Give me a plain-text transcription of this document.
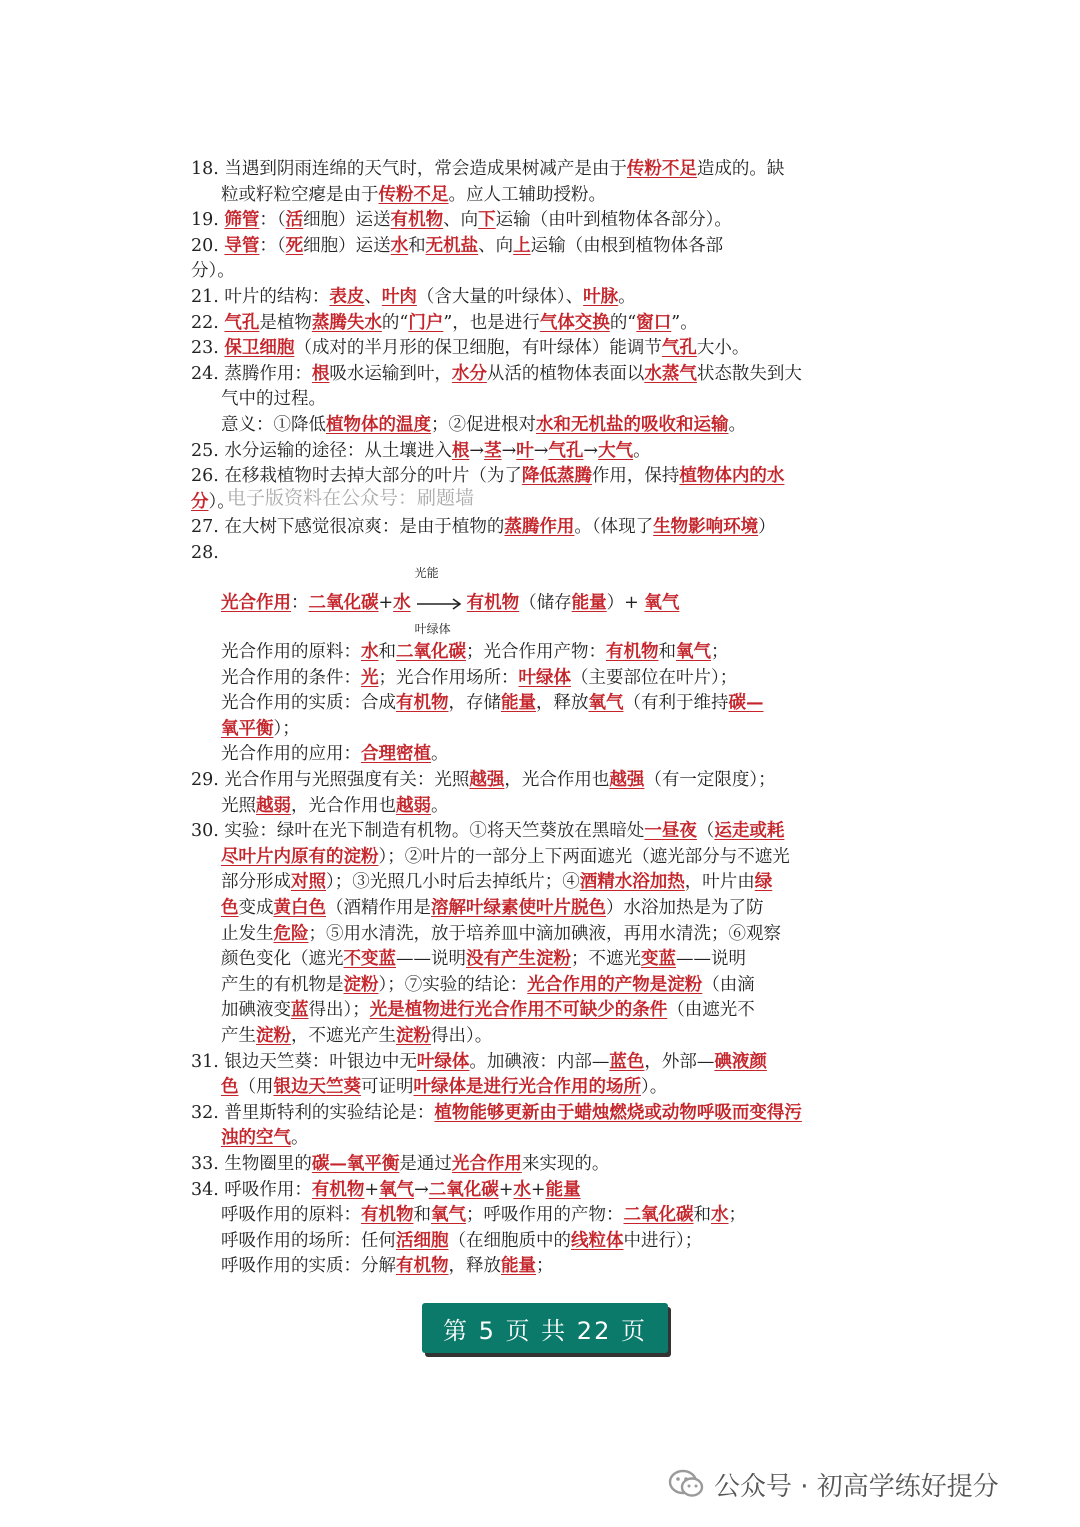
18. 当遇到阴雨连绵的天气时，常会造成果树减产是由于传粉不足造成的。缺
粒或籽粒空瘪是由于传粉不足。应人工辅助授粉。
19. 筛管：（活细胞）运送有机物、向下运输（由叶到植物体各部分）。
20. 导管：（死细胞）运送水和无机盐、向上运输（由根到植物体各部
分）。
21. 叶片的结构：表皮、叶肉（含大量的叶绿体）、叶脉。
22. 气孔是植物蒸腾失水的“门户”，也是进行气体交换的“窗口”。
23. 保卫细胞（成对的半月形的保卫细胞，有叶绿体）能调节气孔大小。
24. 蒸腾作用：根吸水运输到叶，水分从活的植物体表面以水蒸气状态散失到大
气中的过程。
意义：①降低植物体的温度；②促进根对水和无机盐的吸收和运输。
25. 水分运输的途径：从土壤进入根→茎→叶→气孔→大气。
26. 在移栽植物时去掉大部分的叶片（为了降低蒸腾作用，保持植物体内的水
分）。
27. 在大树下感觉很凉爽：是由于植物的蒸腾作用。（体现了生物影响环境）
28.
光合作用：二氧化碳+水
光能
叶绿体
有机物（储存能量）+ 氧气
光合作用的原料：水和二氧化碳；光合作用产物：有机物和氧气；
光合作用的条件：光；光合作用场所：叶绿体（主要部位在叶片）；
光合作用的实质：合成有机物，存储能量，释放氧气（有利于维持碳—
氧平衡）；
光合作用的应用：合理密植。
29. 光合作用与光照强度有关：光照越强，光合作用也越强（有一定限度）；
光照越弱，光合作用也越弱。
30. 实验：绿叶在光下制造有机物。①将天竺葵放在黑暗处一昼夜（运走或耗
尽叶片内原有的淀粉）；②叶片的一部分上下两面遮光（遮光部分与不遮光
部分形成对照）；③光照几小时后去掉纸片；④酒精水浴加热，叶片由绿
色变成黄白色（酒精作用是溶解叶绿素使叶片脱色）水浴加热是为了防
止发生危险；⑤用水清洗，放于培养皿中滴加碘液，再用水清洗；⑥观察
颜色变化（遮光不变蓝——说明没有产生淀粉；不遮光变蓝——说明
产生的有机物是淀粉）；⑦实验的结论：光合作用的产物是淀粉（由滴
加碘液变蓝得出）；光是植物进行光合作用不可缺少的条件（由遮光不
产生淀粉，不遮光产生淀粉得出）。
31. 银边天竺葵：叶银边中无叶绿体。加碘液：内部—蓝色，外部—碘液颜
色（用银边天竺葵可证明叶绿体是进行光合作用的场所）。
32. 普里斯特利的实验结论是：植物能够更新由于蜡烛燃烧或动物呼吸而变得污
浊的空气。
33. 生物圈里的碳—氧平衡是通过光合作用来实现的。
34. 呼吸作用：有机物+氧气→二氧化碳+水+能量
呼吸作用的原料：有机物和氧气；呼吸作用的产物：二氧化碳和水；
呼吸作用的场所：任何活细胞（在细胞质中的线粒体中进行）；
呼吸作用的实质：分解有机物，释放能量；
电子版资料在公众号：刷题墙
第 5 页 共 22 页
公众号 · 初高学练好提分
